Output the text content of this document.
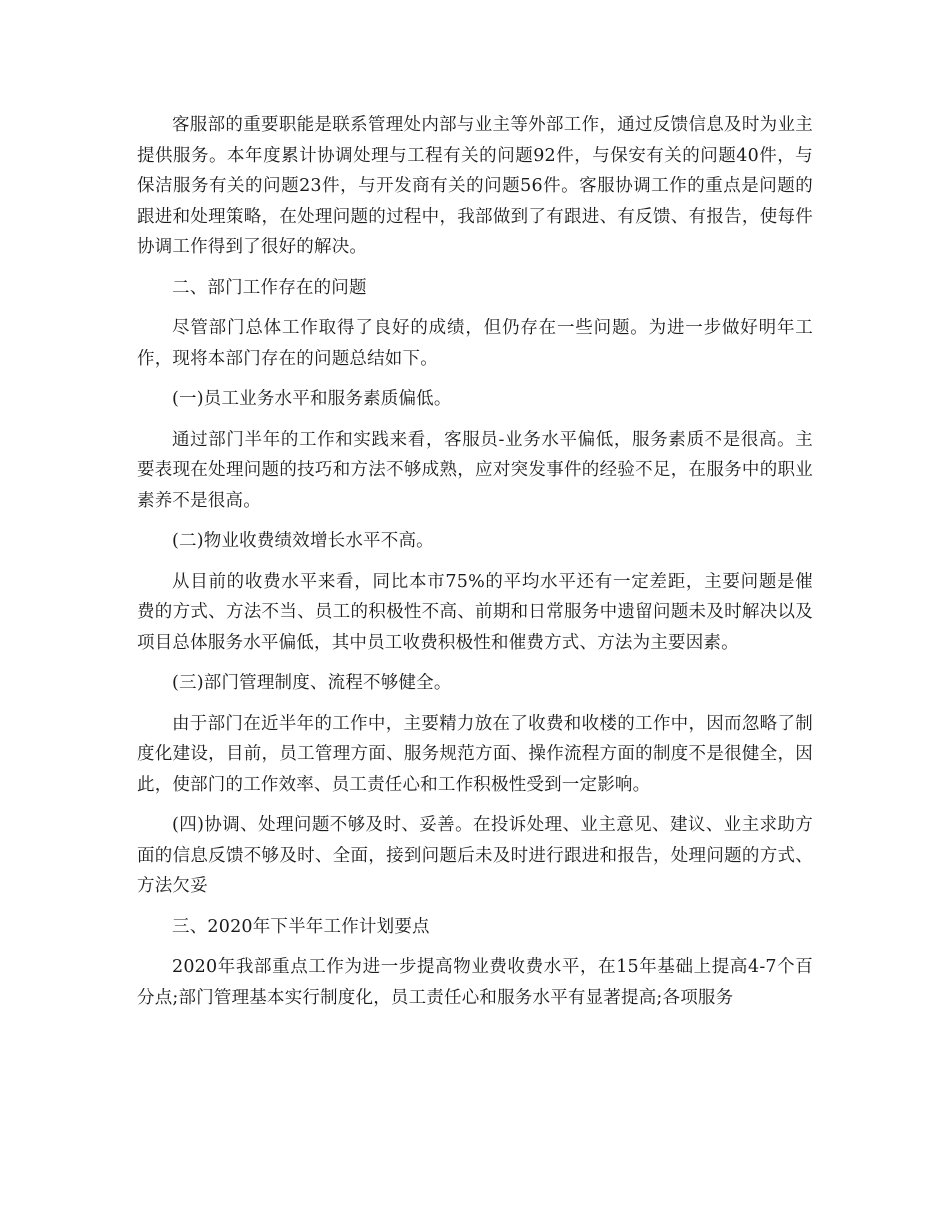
客服部的重要职能是联系管理处内部与业主等外部工作，通过反馈信息及时为业主提供服务。本年度累计协调处理与工程有关的问题92件，与保安有关的问题40件，与保洁服务有关的问题23件，与开发商有关的问题56件。客服协调工作的重点是问题的跟进和处理策略，在处理问题的过程中，我部做到了有跟进、有反馈、有报告，使每件协调工作得到了很好的解决。

二、部门工作存在的问题

尽管部门总体工作取得了良好的成绩，但仍存在一些问题。为进一步做好明年工作，现将本部门存在的问题总结如下。

(一)员工业务水平和服务素质偏低。

通过部门半年的工作和实践来看，客服员-业务水平偏低，服务素质不是很高。主要表现在处理问题的技巧和方法不够成熟，应对突发事件的经验不足，在服务中的职业素养不是很高。

(二)物业收费绩效增长水平不高。

从目前的收费水平来看，同比本市75%的平均水平还有一定差距，主要问题是催费的方式、方法不当、员工的积极性不高、前期和日常服务中遗留问题未及时解决以及项目总体服务水平偏低，其中员工收费积极性和催费方式、方法为主要因素。

(三)部门管理制度、流程不够健全。

由于部门在近半年的工作中，主要精力放在了收费和收楼的工作中，因而忽略了制度化建设，目前，员工管理方面、服务规范方面、操作流程方面的制度不是很健全，因此，使部门的工作效率、员工责任心和工作积极性受到一定影响。

(四)协调、处理问题不够及时、妥善。在投诉处理、业主意见、建议、业主求助方面的信息反馈不够及时、全面，接到问题后未及时进行跟进和报告，处理问题的方式、方法欠妥

三、2020年下半年工作计划要点

2020年我部重点工作为进一步提高物业费收费水平，在15年基础上提高4-7个百分点;部门管理基本实行制度化，员工责任心和服务水平有显著提高;各项服务
